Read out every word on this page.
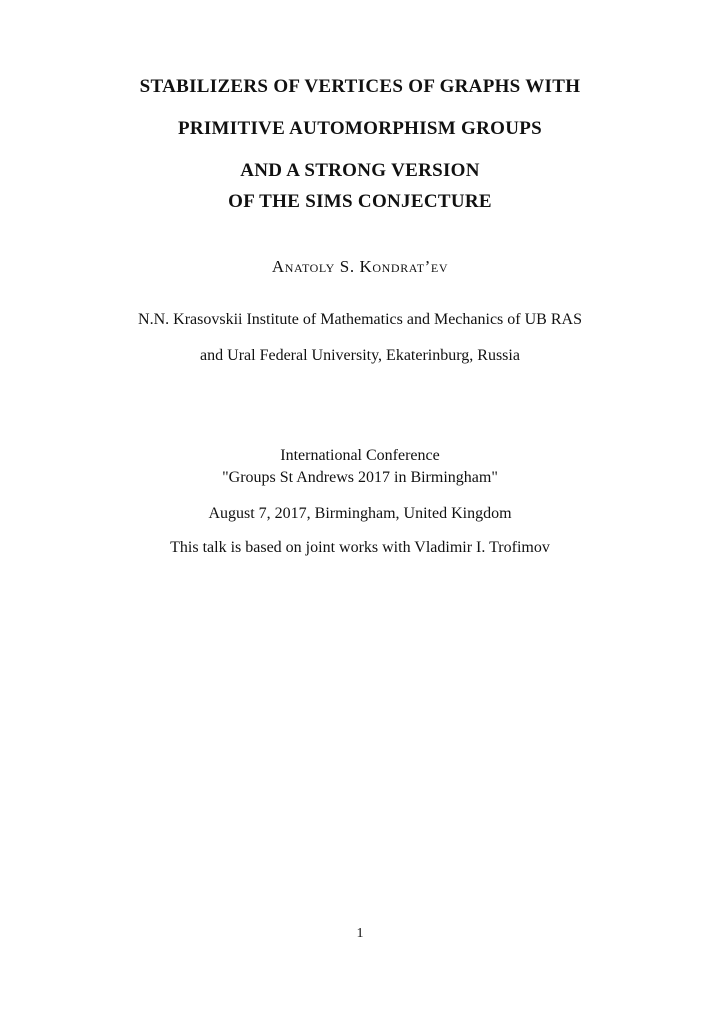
STABILIZERS OF VERTICES OF GRAPHS WITH
PRIMITIVE AUTOMORPHISM GROUPS
AND A STRONG VERSION
OF THE SIMS CONJECTURE
Anatoly S. Kondrat’ev
N.N. Krasovskii Institute of Mathematics and Mechanics of UB RAS
and Ural Federal University, Ekaterinburg, Russia
International Conference
"Groups St Andrews 2017 in Birmingham"
August 7, 2017, Birmingham, United Kingdom
This talk is based on joint works with Vladimir I. Trofimov
1
